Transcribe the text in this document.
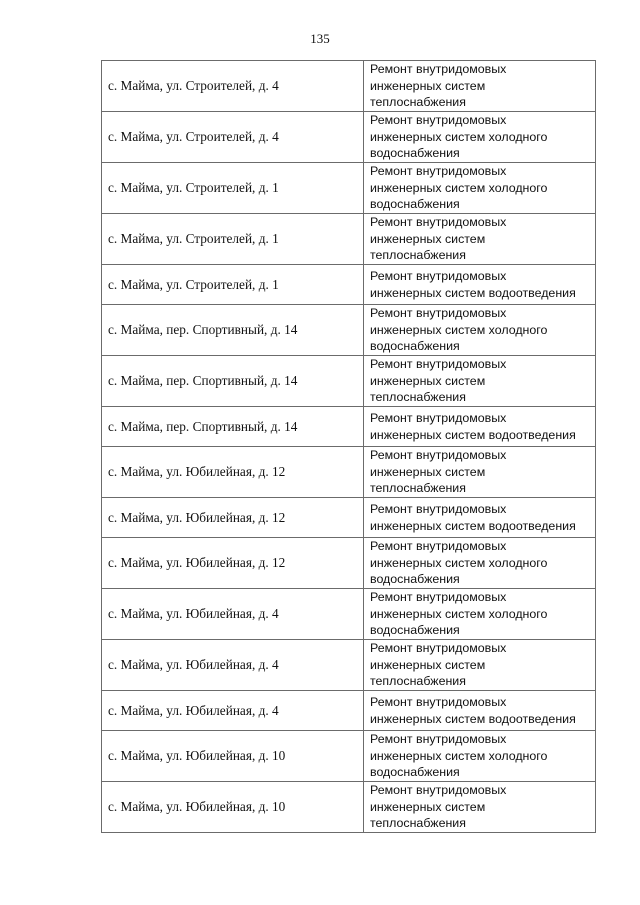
135
с. Майма, ул. Строителей, д. 4	Ремонт внутридомовых
инженерных систем
теплоснабжения

с. Майма, ул. Строителей, д. 4	Ремонт внутридомовых
инженерных систем холодного
водоснабжения

с. Майма, ул. Строителей, д. 1	Ремонт внутридомовых
инженерных систем холодного
водоснабжения

с. Майма, ул. Строителей, д. 1	Ремонт внутридомовых
инженерных систем
теплоснабжения

с. Майма, ул. Строителей, д. 1	Ремонт внутридомовых
инженерных систем водоотведения

с. Майма, пер. Спортивный, д. 14	Ремонт внутридомовых
инженерных систем холодного
водоснабжения

с. Майма, пер. Спортивный, д. 14	Ремонт внутридомовых
инженерных систем
теплоснабжения

с. Майма, пер. Спортивный, д. 14	Ремонт внутридомовых
инженерных систем водоотведения

с. Майма, ул. Юбилейная, д. 12	Ремонт внутридомовых
инженерных систем
теплоснабжения

с. Майма, ул. Юбилейная, д. 12	Ремонт внутридомовых
инженерных систем водоотведения

с. Майма, ул. Юбилейная, д. 12	Ремонт внутридомовых
инженерных систем холодного
водоснабжения

с. Майма, ул. Юбилейная, д. 4	Ремонт внутридомовых
инженерных систем холодного
водоснабжения

с. Майма, ул. Юбилейная, д. 4	Ремонт внутридомовых
инженерных систем
теплоснабжения

с. Майма, ул. Юбилейная, д. 4	Ремонт внутридомовых
инженерных систем водоотведения

с. Майма, ул. Юбилейная, д. 10	Ремонт внутридомовых
инженерных систем холодного
водоснабжения

с. Майма, ул. Юбилейная, д. 10	Ремонт внутридомовых
инженерных систем
теплоснабжения
